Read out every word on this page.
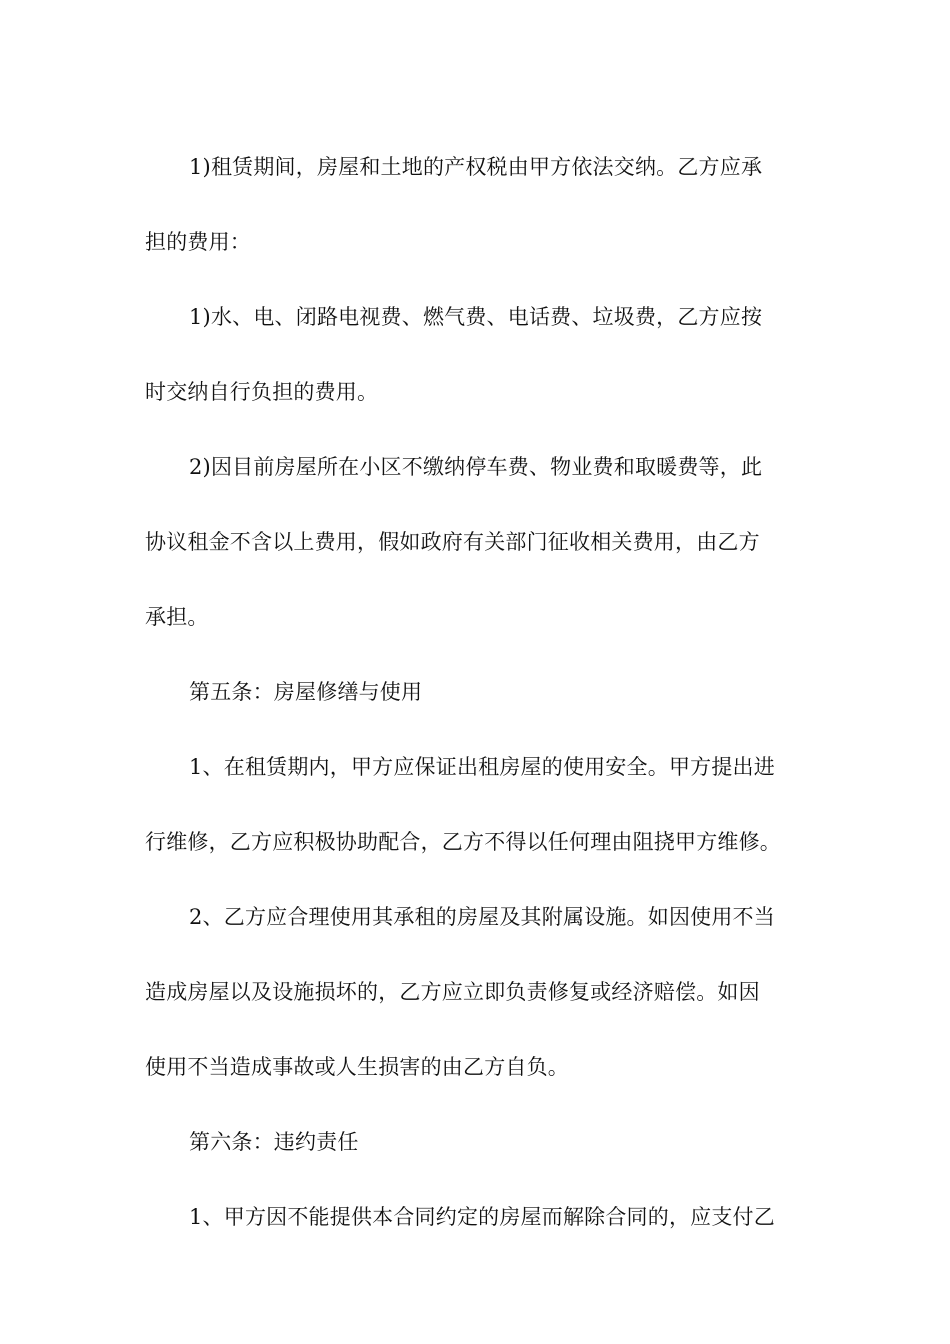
1)租赁期间，房屋和土地的产权税由甲方依法交纳。乙方应承
担的费用：

1)水、电、闭路电视费、燃气费、电话费、垃圾费，乙方应按
时交纳自行负担的费用。

2)因目前房屋所在小区不缴纳停车费、物业费和取暖费等，此
协议租金不含以上费用，假如政府有关部门征收相关费用，由乙方
承担。

第五条：房屋修缮与使用

1、在租赁期内，甲方应保证出租房屋的使用安全。甲方提出进
行维修，乙方应积极协助配合，乙方不得以任何理由阻挠甲方维修。

2、乙方应合理使用其承租的房屋及其附属设施。如因使用不当
造成房屋以及设施损坏的，乙方应立即负责修复或经济赔偿。如因
使用不当造成事故或人生损害的由乙方自负。

第六条：违约责任

1、甲方因不能提供本合同约定的房屋而解除合同的，应支付乙
